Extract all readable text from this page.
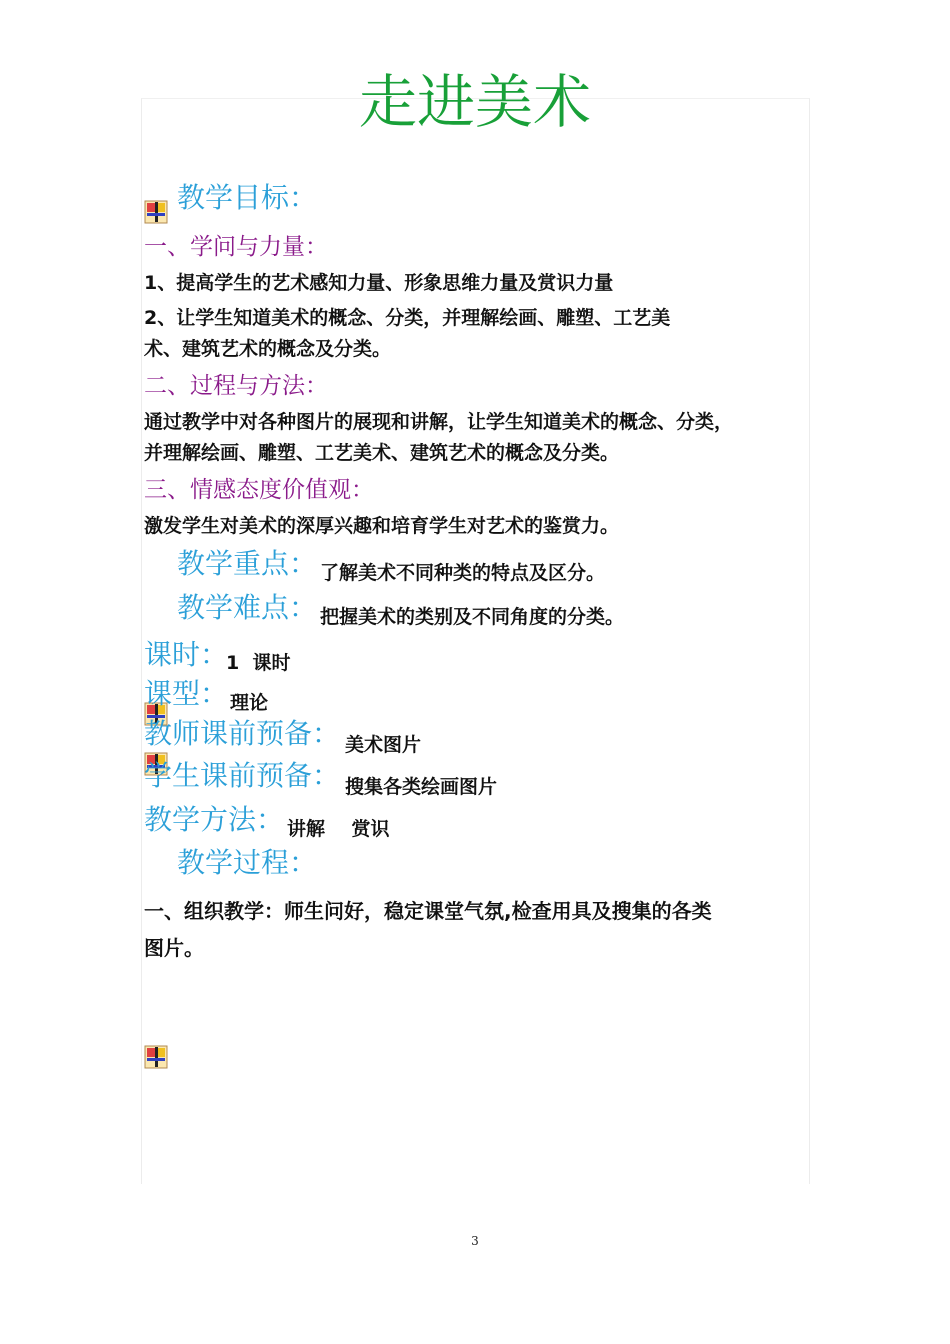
走进美术
教学目标：
一、学问与力量：
1、提高学生的艺术感知力量、形象思维力量及赏识力量
2、让学生知道美术的概念、分类，并理解绘画、雕塑、工艺美
术、建筑艺术的概念及分类。
二、过程与方法：
通过教学中对各种图片的展现和讲解，让学生知道美术的概念、分类，
并理解绘画、雕塑、工艺美术、建筑艺术的概念及分类。
三、情感态度价值观：
激发学生对美术的深厚兴趣和培育学生对艺术的鉴赏力。
教学重点： 了解美术不同种类的特点及区分。
教学难点： 把握美术的类别及不同角度的分类。
课时：
1  课时
课型： 理论
教师课前预备： 美术图片
学生课前预备： 搜集各类绘画图片
教学方法： 讲解    赏识
教学过程：
一、组织教学：师生问好，稳定课堂气氛,检查用具及搜集的各类
图片。
3
